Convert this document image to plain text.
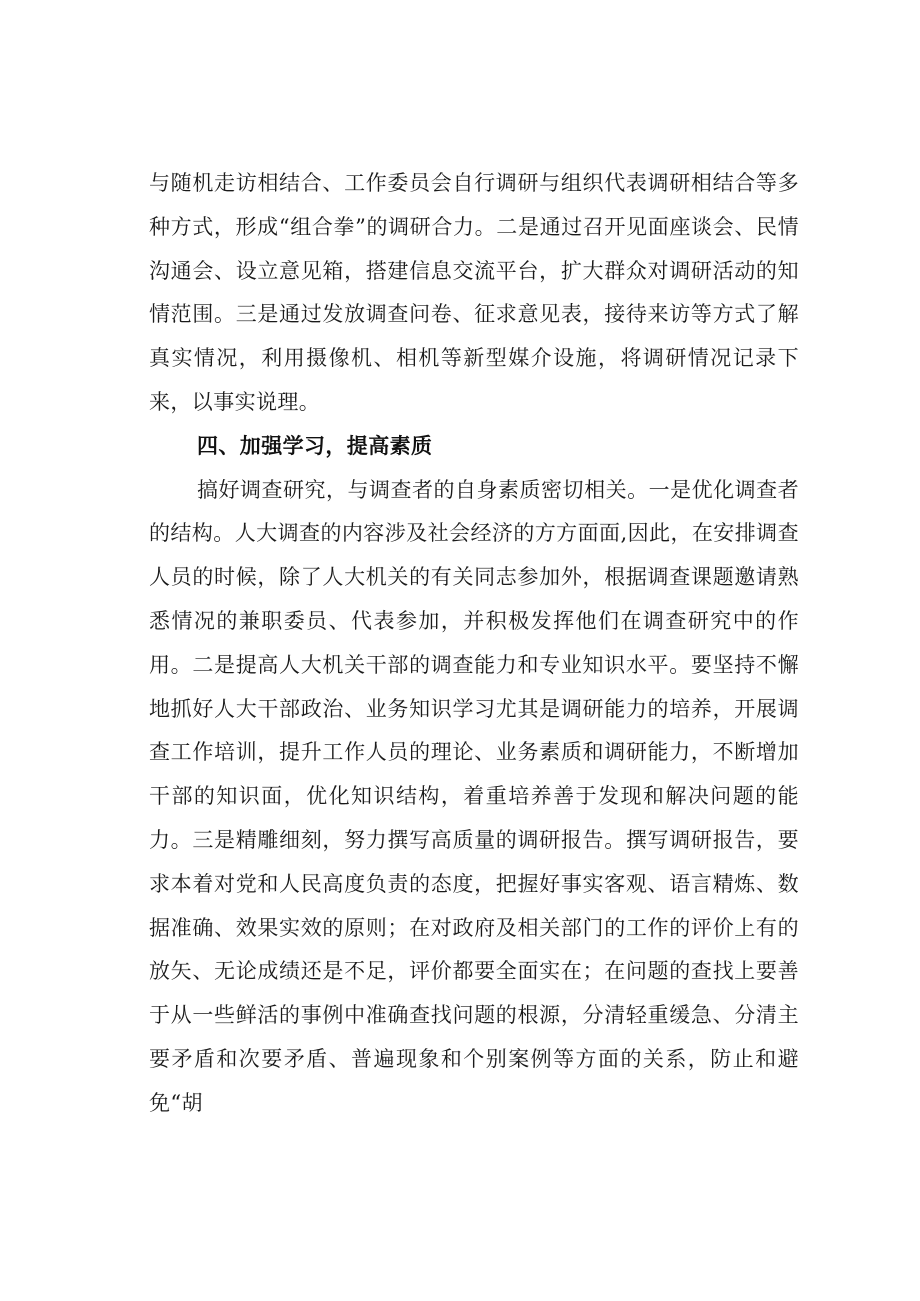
与随机走访相结合、工作委员会自行调研与组织代表调研相结合等多种方式，形成“组合拳”的调研合力。二是通过召开见面座谈会、民情沟通会、设立意见箱，搭建信息交流平台，扩大群众对调研活动的知情范围。三是通过发放调查问卷、征求意见表，接待来访等方式了解真实情况，利用摄像机、相机等新型媒介设施，将调研情况记录下来，以事实说理。

四、加强学习，提高素质

搞好调查研究，与调查者的自身素质密切相关。一是优化调查者的结构。人大调查的内容涉及社会经济的方方面面,因此，在安排调查人员的时候，除了人大机关的有关同志参加外，根据调查课题邀请熟悉情况的兼职委员、代表参加，并积极发挥他们在调查研究中的作用。二是提高人大机关干部的调查能力和专业知识水平。要坚持不懈地抓好人大干部政治、业务知识学习尤其是调研能力的培养，开展调查工作培训，提升工作人员的理论、业务素质和调研能力，不断增加干部的知识面，优化知识结构，着重培养善于发现和解决问题的能力。三是精雕细刻，努力撰写高质量的调研报告。撰写调研报告，要求本着对党和人民高度负责的态度，把握好事实客观、语言精炼、数据准确、效果实效的原则；在对政府及相关部门的工作的评价上有的放矢、无论成绩还是不足，评价都要全面实在；在问题的查找上要善于从一些鲜活的事例中准确查找问题的根源，分清轻重缓急、分清主要矛盾和次要矛盾、普遍现象和个别案例等方面的关系，防止和避免“胡
